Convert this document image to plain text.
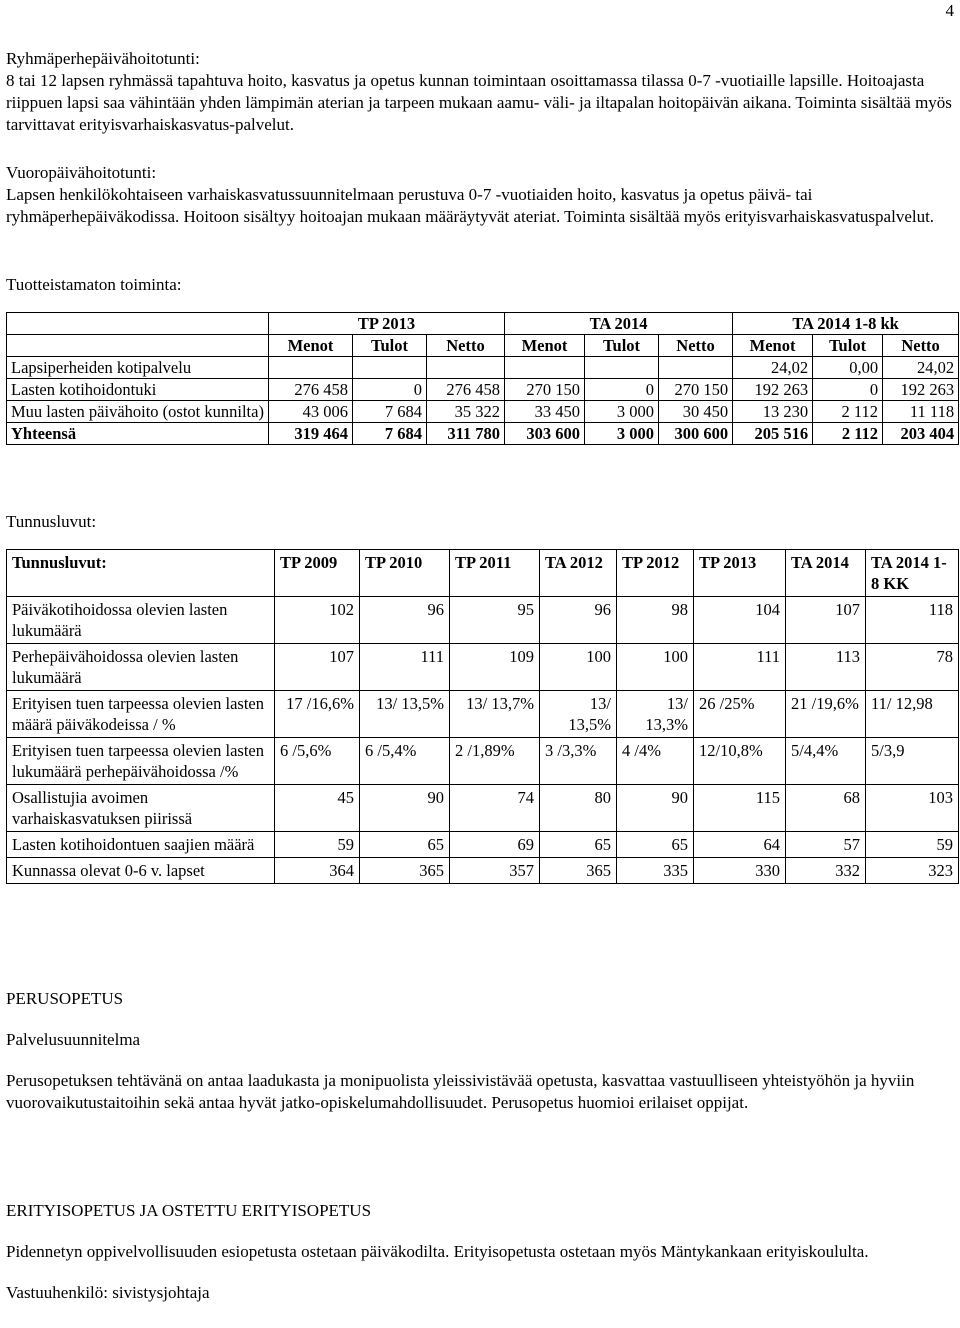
4

Ryhmäperhepäivähoitotunti:

8 tai 12 lapsen ryhmässä tapahtuva hoito, kasvatus ja opetus kunnan toimintaan osoittamassa tilassa 0-7 -vuotiaille lapsille. Hoitoajasta riippuen lapsi saa vähintään yhden lämpimän aterian ja tarpeen mukaan aamu- väli- ja iltapalan hoitopäivän aikana. Toiminta sisältää myös tarvittavat erityisvarhaiskasvatus-palvelut.

Vuoropäivähoitotunti:

Lapsen henkilökohtaiseen varhaiskasvatussuunnitelmaan perustuva 0-7 -vuotiaiden hoito, kasvatus ja opetus päivä- tai ryhmäperhepäiväkodissa. Hoitoon sisältyy hoitoajan mukaan määräytyvät ateriat. Toiminta sisältää myös erityisvarhaiskasvatuspalvelut.

Tuotteistamaton toiminta:

	TP 2013			TA 2014			TA 2014 1-8 kk		
	Menot	Tulot	Netto	Menot	Tulot	Netto	Menot	Tulot	Netto
Lapsiperheiden kotipalvelu							24,02	0,00	24,02
Lasten kotihoidontuki	276 458	0	276 458	270 150	0	270 150	192 263	0	192 263
Muu lasten päivähoito (ostot kunnilta)	43 006	7 684	35 322	33 450	3 000	30 450	13 230	2 112	11 118
Yhteensä	319 464	7 684	311 780	303 600	3 000	300 600	205 516	2 112	203 404

Tunnusluvut:

Tunnusluvut:	TP 2009	TP 2010	TP 2011	TA 2012	TP 2012	TP 2013	TA 2014	TA 2014 1-8 KK
Päiväkotihoidossa olevien lasten lukumäärä	102	96	95	96	98	104	107	118
Perhepäivähoidossa olevien lasten lukumäärä	107	111	109	100	100	111	113	78
Erityisen tuen tarpeessa olevien lasten määrä päiväkodeissa / %	17 /16,6%	13/ 13,5%	13/ 13,7%	13/ 13,5%	13/ 13,3%	26 /25%	21 /19,6%	11/ 12,98
Erityisen tuen tarpeessa olevien lasten lukumäärä perhepäivähoidossa /%	6 /5,6%	6 /5,4%	2 /1,89%	3 /3,3%	4 /4%	12/10,8%	5/4,4%	5/3,9
Osallistujia avoimen varhaiskasvatuksen piirissä	45	90	74	80	90	115	68	103
Lasten kotihoidontuen saajien määrä	59	65	69	65	65	64	57	59
Kunnassa olevat 0-6 v. lapset	364	365	357	365	335	330	332	323

PERUSOPETUS

Palvelusuunnitelma

Perusopetuksen tehtävänä on antaa laadukasta ja monipuolista yleissivistävää opetusta, kasvattaa vastuulliseen yhteistyöhön ja hyviin vuorovaikutustaitoihin sekä antaa hyvät jatko-opiskelumahdollisuudet. Perusopetus huomioi erilaiset oppijat.

ERITYISOPETUS JA OSTETTU ERITYISOPETUS

Pidennetyn oppivelvollisuuden esiopetusta ostetaan päiväkodilta. Erityisopetusta ostetaan myös Mäntykankaan erityiskoululta.

Vastuuhenkilö: sivistysjohtaja
